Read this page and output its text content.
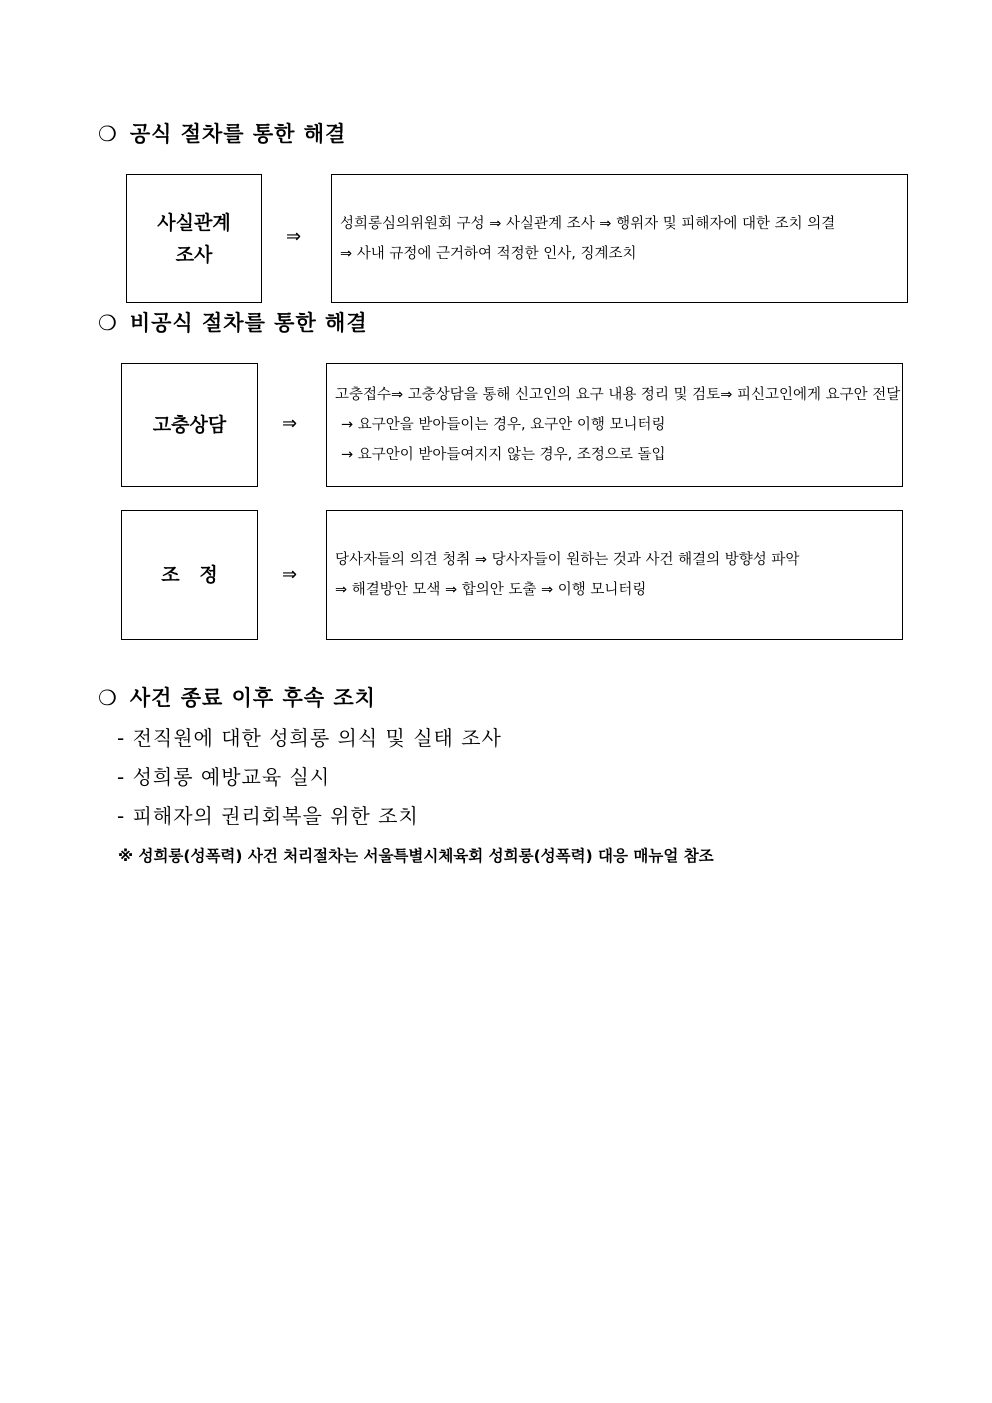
❍ 공식 절차를 통한 해결
사실관계
조사
⇒
성희롱심의위원회 구성 ⇒ 사실관계 조사 ⇒ 행위자 및 피해자에 대한 조치 의결
⇒ 사내 규정에 근거하여 적정한 인사, 징계조치
❍ 비공식 절차를 통한 해결
고충상담	⇒
고충접수⇒ 고충상담을 통해 신고인의 요구 내용 정리 및 검토⇒ 피신고인에게 요구안 전달
→ 요구안을 받아들이는 경우, 요구안 이행 모니터링
→ 요구안이 받아들여지지 않는 경우, 조정으로 돌입
조   정	⇒
당사자들의 의견 청취 ⇒ 당사자들이 원하는 것과 사건 해결의 방향성 파악
⇒ 해결방안 모색 ⇒ 합의안 도출 ⇒ 이행 모니터링
❍ 사건 종료 이후 후속 조치
- 전직원에 대한 성희롱 의식 및 실태 조사
- 성희롱 예방교육 실시
- 피해자의 권리회복을 위한 조치
※ 성희롱(성폭력) 사건 처리절차는 서울특별시체육회 성희롱(성폭력) 대응 매뉴얼 참조
